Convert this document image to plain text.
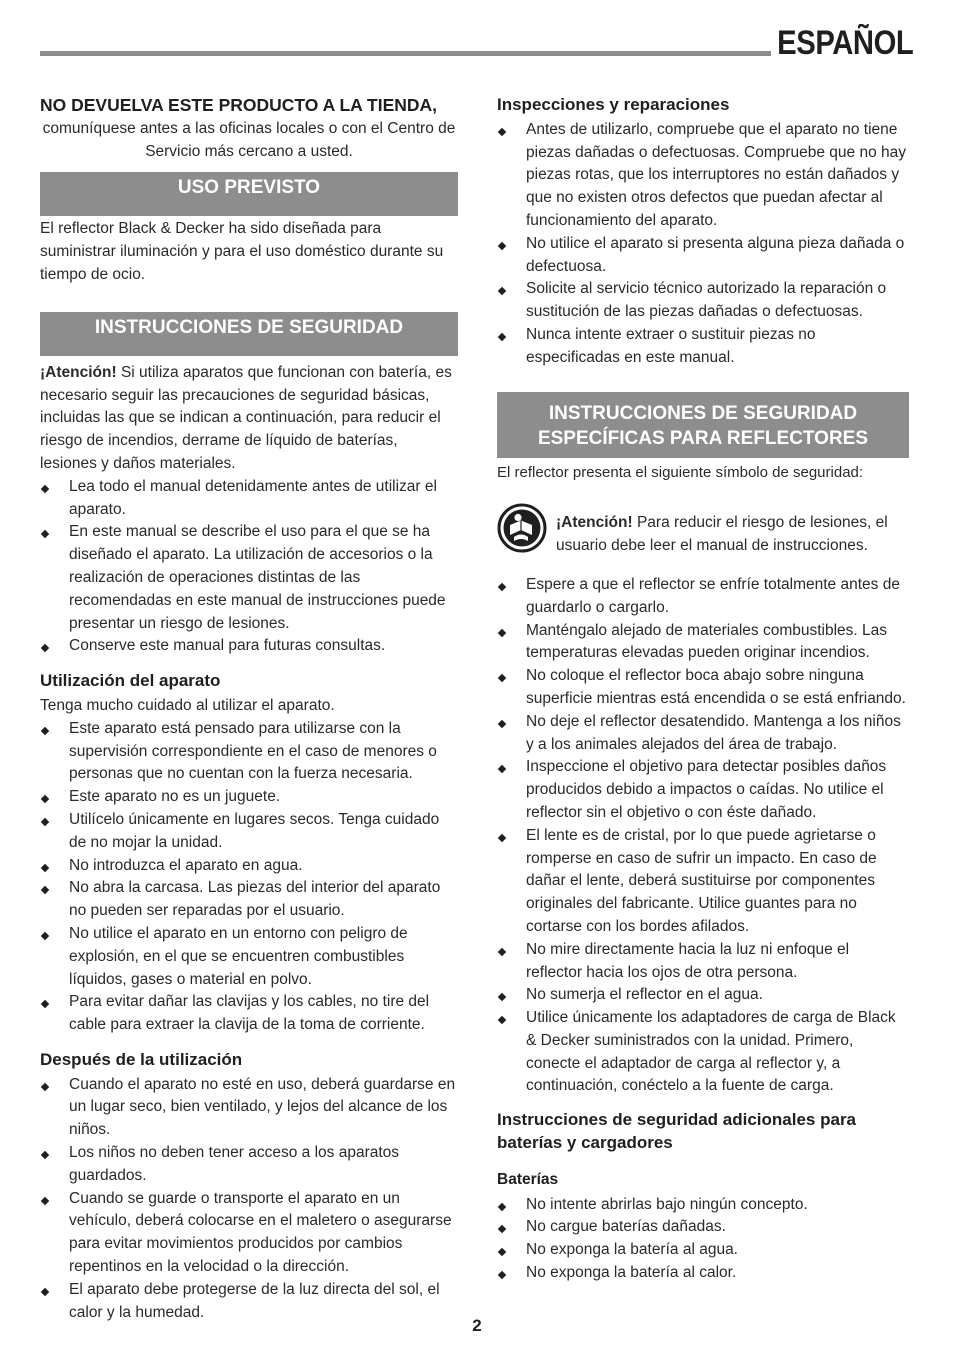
ESPAÑOL
NO DEVUELVA ESTE PRODUCTO A LA TIENDA,
comuníquese antes a las oficinas locales o con el Centro de Servicio más cercano a usted.
USO PREVISTO
El reflector Black & Decker ha sido diseñada para suministrar iluminación y para el uso doméstico durante su tiempo de ocio.
INSTRUCCIONES DE SEGURIDAD
¡Atención! Si utiliza aparatos que funcionan con batería, es necesario seguir las precauciones de seguridad básicas, incluidas las que se indican a continuación, para reducir el riesgo de incendios, derrame de líquido de baterías, lesiones y daños materiales.
Lea todo el manual detenidamente antes de utilizar el aparato.
En este manual se describe el uso para el que se ha diseñado el aparato. La utilización de accesorios o la realización de operaciones distintas de las recomendadas en este manual de instrucciones puede presentar un riesgo de lesiones.
Conserve este manual para futuras consultas.
Utilización del aparato
Tenga mucho cuidado al utilizar el aparato.
Este aparato está pensado para utilizarse con la supervisión correspondiente en el caso de menores o personas que no cuentan con la fuerza necesaria.
Este aparato no es un juguete.
Utilícelo únicamente en lugares secos. Tenga cuidado de no mojar la unidad.
No introduzca el aparato en agua.
No abra la carcasa. Las piezas del interior del aparato no pueden ser reparadas por el usuario.
No utilice el aparato en un entorno con peligro de explosión, en el que se encuentren combustibles líquidos, gases o material en polvo.
Para evitar dañar las clavijas y los cables, no tire del cable para extraer la clavija de la toma de corriente.
Después de la utilización
Cuando el aparato no esté en uso, deberá guardarse en un lugar seco, bien ventilado, y lejos del alcance de los niños.
Los niños no deben tener acceso a los aparatos guardados.
Cuando se guarde o transporte el aparato en un vehículo, deberá colocarse en el maletero o asegurarse para evitar movimientos producidos por cambios repentinos en la velocidad o la dirección.
El aparato debe protegerse de la luz directa del sol, el calor y la humedad.
Inspecciones y reparaciones
Antes de utilizarlo, compruebe que el aparato no tiene piezas dañadas o defectuosas. Compruebe que no hay piezas rotas, que los interruptores no están dañados y que no existen otros defectos que puedan afectar al funcionamiento del aparato.
No utilice el aparato si presenta alguna pieza dañada o defectuosa.
Solicite al servicio técnico autorizado la reparación o sustitución de las piezas dañadas o defectuosas.
Nunca intente extraer o sustituir piezas no especificadas en este manual.
INSTRUCCIONES DE SEGURIDAD
ESPECÍFICAS PARA REFLECTORES
El reflector presenta el siguiente símbolo de seguridad:
¡Atención! Para reducir el riesgo de lesiones, el usuario debe leer el manual de instrucciones.
Espere a que el reflector se enfríe totalmente antes de guardarlo o cargarlo.
Manténgalo alejado de materiales combustibles. Las temperaturas elevadas pueden originar incendios.
No coloque el reflector boca abajo sobre ninguna superficie mientras está encendida o se está enfriando.
No deje el reflector desatendido. Mantenga a los niños y a los animales alejados del área de trabajo.
Inspeccione el objetivo para detectar posibles daños producidos debido a impactos o caídas. No utilice el reflector sin el objetivo o con éste dañado.
El lente es de cristal, por lo que puede agrietarse o romperse en caso de sufrir un impacto. En caso de dañar el lente, deberá sustituirse por componentes originales del fabricante. Utilice guantes para no cortarse con los bordes afilados.
No mire directamente hacia la luz ni enfoque el reflector hacia los ojos de otra persona.
No sumerja el reflector en el agua.
Utilice únicamente los adaptadores de carga de Black & Decker suministrados con la unidad. Primero, conecte el adaptador de carga al reflector y, a continuación, conéctelo a la fuente de carga.
Instrucciones de seguridad adicionales para baterías y cargadores
Baterías
No intente abrirlas bajo ningún concepto.
No cargue baterías dañadas.
No exponga la batería al agua.
No exponga la batería al calor.
2
